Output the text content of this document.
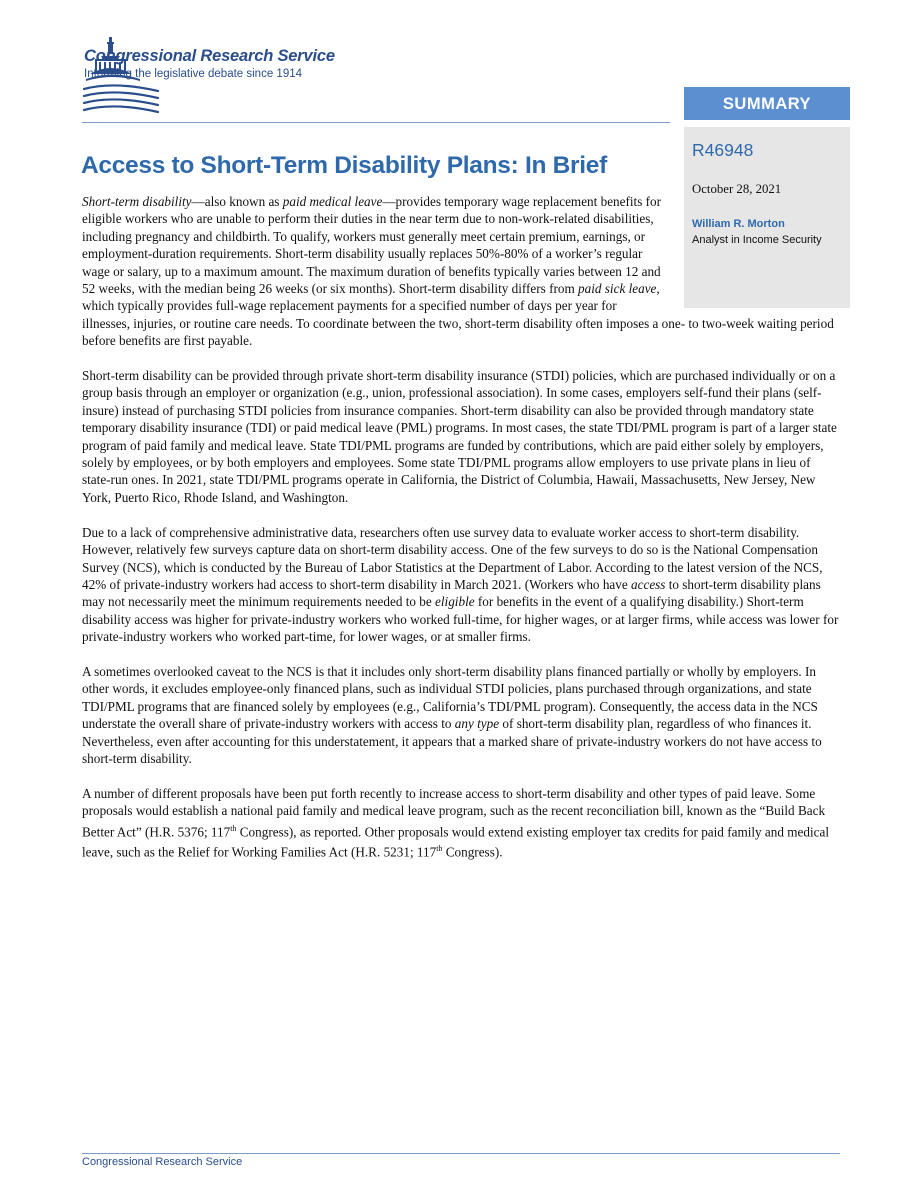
Congressional Research Service
Informing the legislative debate since 1914
SUMMARY
R46948
October 28, 2021
William R. Morton
Analyst in Income Security
Access to Short-Term Disability Plans: In Brief

Short-term disability—also known as paid medical leave—provides temporary wage replacement benefits for eligible workers who are unable to perform their duties in the near term due to non-work-related disabilities, including pregnancy and childbirth. To qualify, workers must generally meet certain premium, earnings, or employment-duration requirements. Short-term disability usually replaces 50%-80% of a worker’s regular wage or salary, up to a maximum amount. The maximum duration of benefits typically varies between 12 and 52 weeks, with the median being 26 weeks (or six months). Short-term disability differs from paid sick leave, which typically provides full-wage replacement payments for a specified number of days per year for illnesses, injuries, or routine care needs. To coordinate between the two, short-term disability often imposes a one- to two-week waiting period before benefits are first payable.

Short-term disability can be provided through private short-term disability insurance (STDI) policies, which are purchased individually or on a group basis through an employer or organization (e.g., union, professional association). In some cases, employers self-fund their plans (self-insure) instead of purchasing STDI policies from insurance companies. Short-term disability can also be provided through mandatory state temporary disability insurance (TDI) or paid medical leave (PML) programs. In most cases, the state TDI/PML program is part of a larger state program of paid family and medical leave. State TDI/PML programs are funded by contributions, which are paid either solely by employers, solely by employees, or by both employers and employees. Some state TDI/PML programs allow employers to use private plans in lieu of state-run ones. In 2021, state TDI/PML programs operate in California, the District of Columbia, Hawaii, Massachusetts, New Jersey, New York, Puerto Rico, Rhode Island, and Washington.

Due to a lack of comprehensive administrative data, researchers often use survey data to evaluate worker access to short-term disability. However, relatively few surveys capture data on short-term disability access. One of the few surveys to do so is the National Compensation Survey (NCS), which is conducted by the Bureau of Labor Statistics at the Department of Labor. According to the latest version of the NCS, 42% of private-industry workers had access to short-term disability in March 2021. (Workers who have access to short-term disability plans may not necessarily meet the minimum requirements needed to be eligible for benefits in the event of a qualifying disability.) Short-term disability access was higher for private-industry workers who worked full-time, for higher wages, or at larger firms, while access was lower for private-industry workers who worked part-time, for lower wages, or at smaller firms.

A sometimes overlooked caveat to the NCS is that it includes only short-term disability plans financed partially or wholly by employers. In other words, it excludes employee-only financed plans, such as individual STDI policies, plans purchased through organizations, and state TDI/PML programs that are financed solely by employees (e.g., California’s TDI/PML program). Consequently, the access data in the NCS understate the overall share of private-industry workers with access to any type of short-term disability plan, regardless of who finances it. Nevertheless, even after accounting for this understatement, it appears that a marked share of private-industry workers do not have access to short-term disability.

A number of different proposals have been put forth recently to increase access to short-term disability and other types of paid leave. Some proposals would establish a national paid family and medical leave program, such as the recent reconciliation bill, known as the “Build Back Better Act” (H.R. 5376; 117th Congress), as reported. Other proposals would extend existing employer tax credits for paid family and medical leave, such as the Relief for Working Families Act (H.R. 5231; 117th Congress).

Congressional Research Service
